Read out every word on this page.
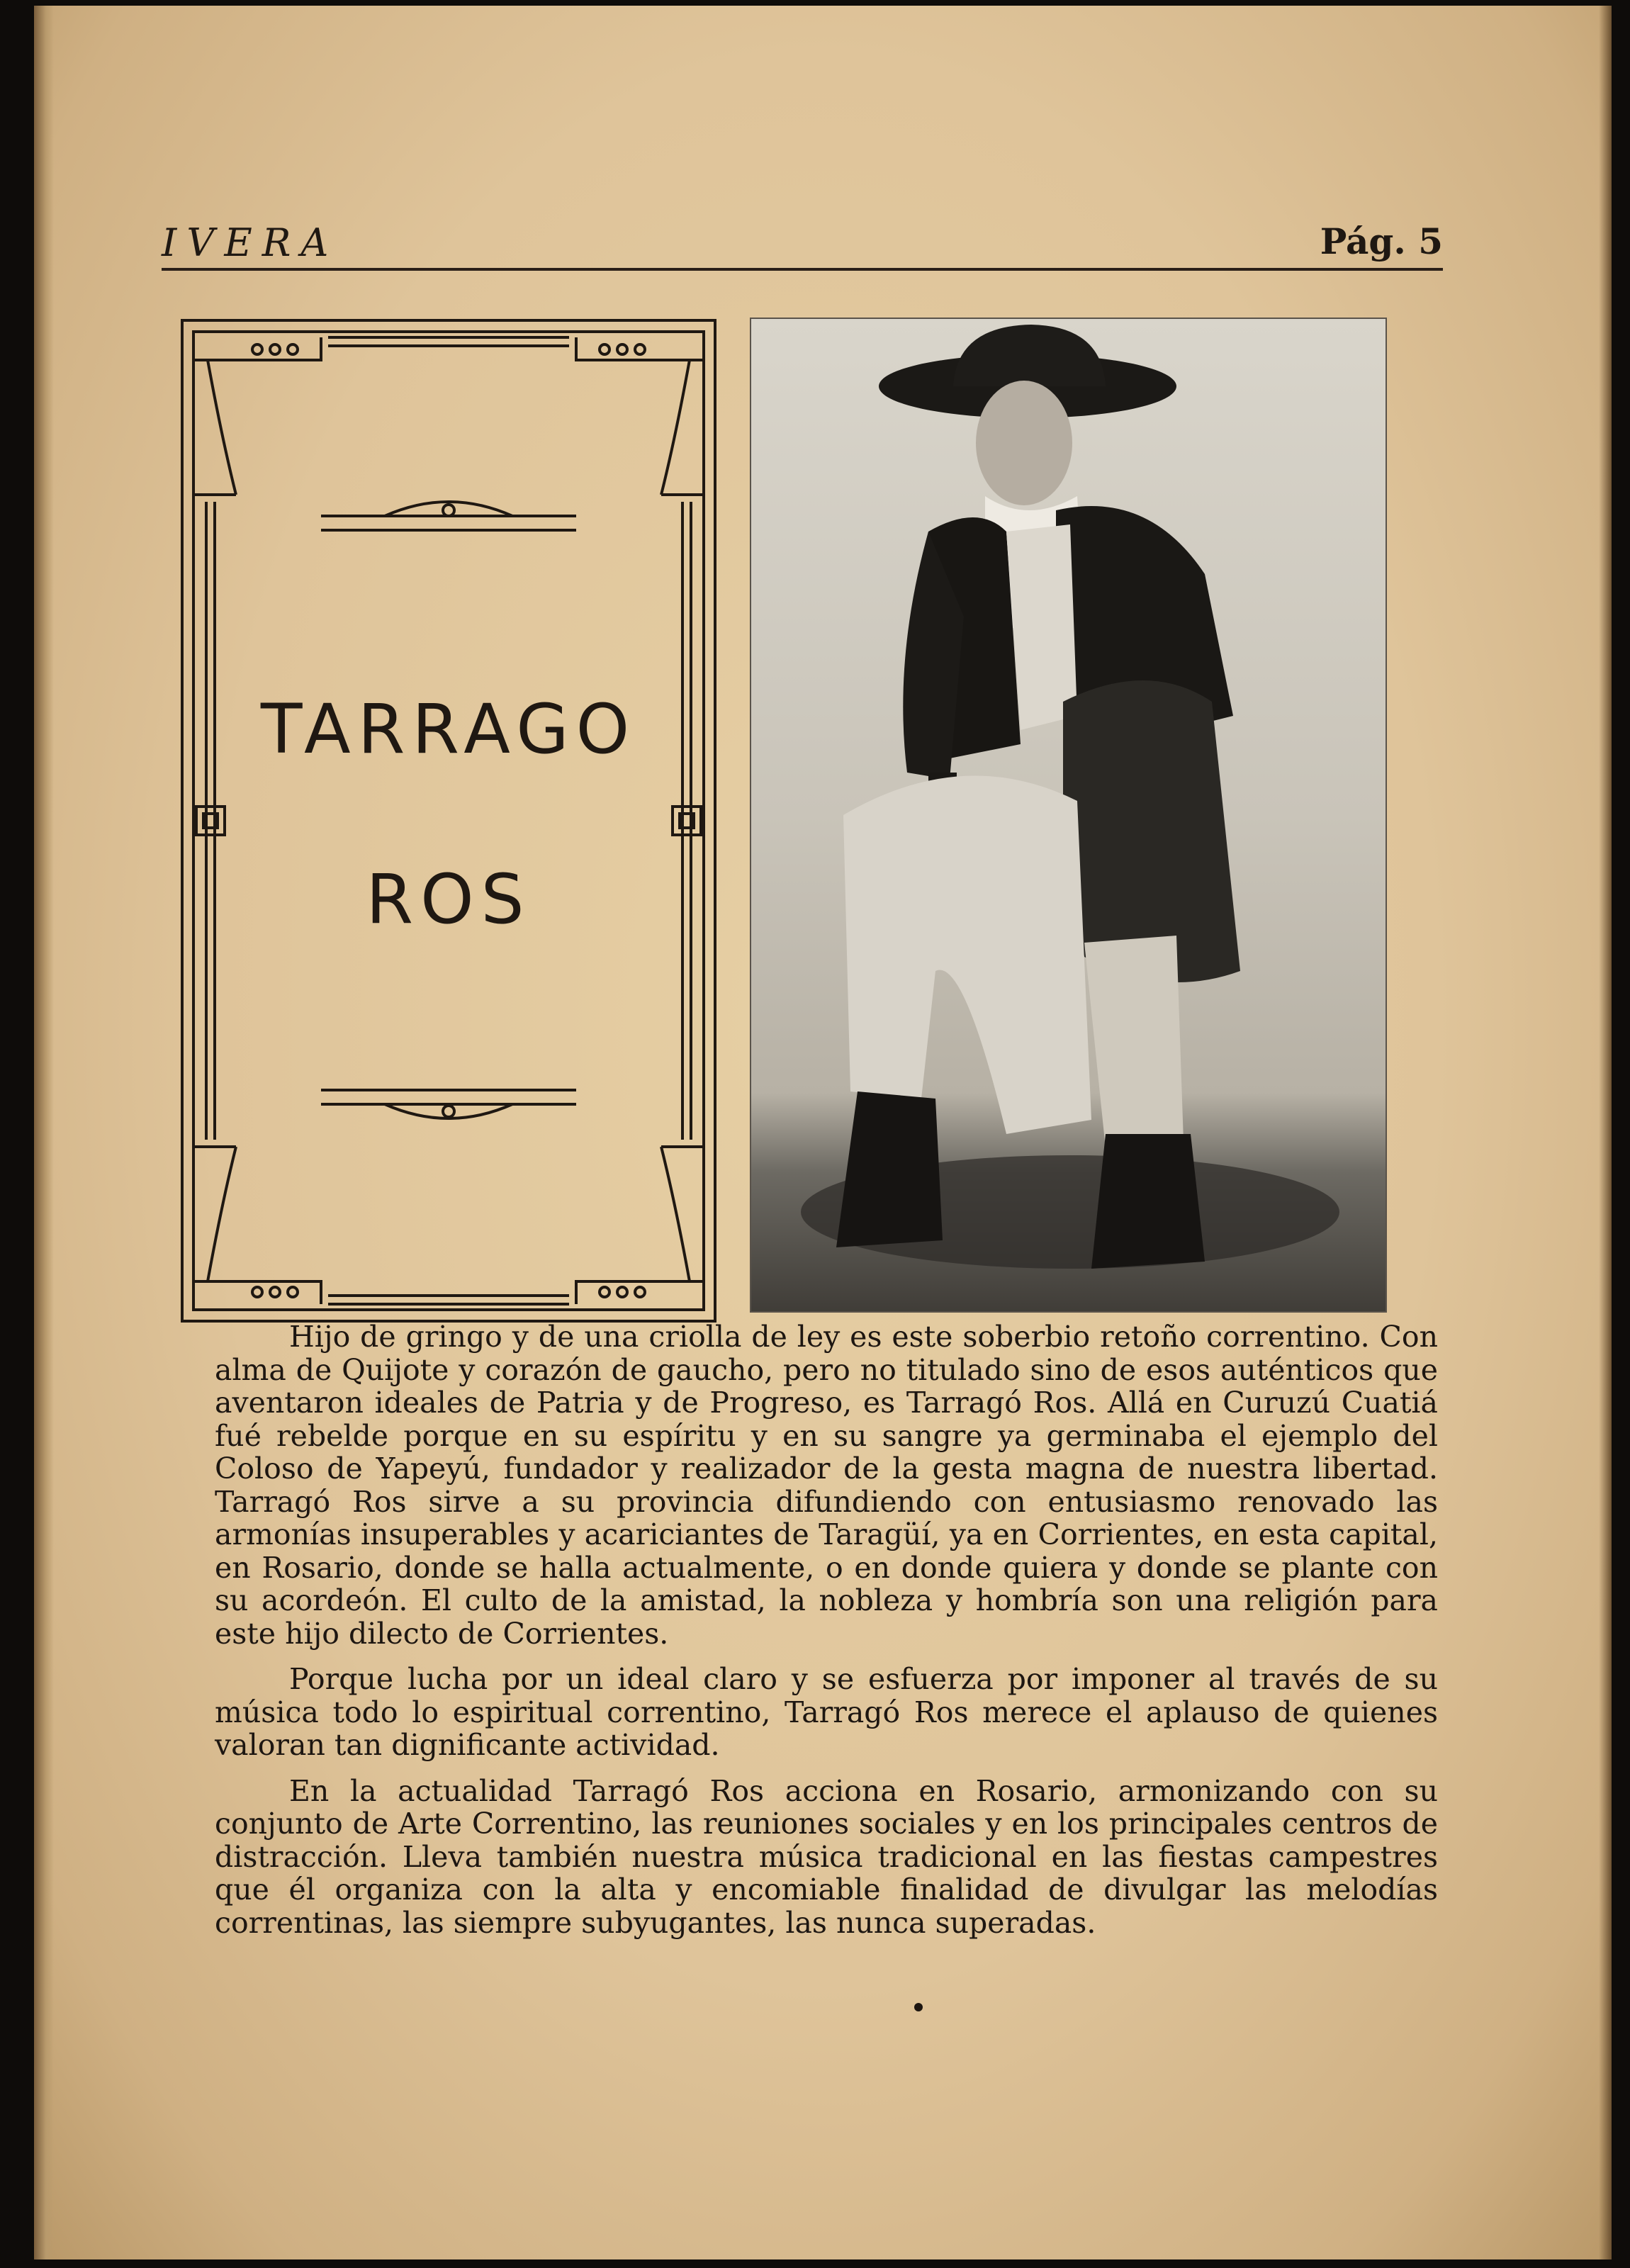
IVERA	Pág. 5
TARRAGO
ROS

Hijo de gringo y de una criolla de ley es este soberbio retoño correntino. Con alma de Quijote y corazón de gaucho, pero no titulado sino de esos auténticos que aventaron ideales de Patria y de Progreso, es Tarragó Ros. Allá en Curuzú Cuatiá fué rebelde porque en su espíritu y en su sangre ya germinaba el ejemplo del Coloso de Yapeyú, fundador y realizador de la gesta magna de nuestra libertad. Tarragó Ros sirve a su provincia difundiendo con entusiasmo renovado las armonías insuperables y acariciantes de Taragüí, ya en Corrientes, en esta capital, en Rosario, donde se halla actualmente, o en donde quiera y donde se plante con su acordeón. El culto de la amistad, la nobleza y hombría son una religión para este hijo dilecto de Corrientes.

Porque lucha por un ideal claro y se esfuerza por imponer al través de su música todo lo espiritual correntino, Tarragó Ros merece el aplauso de quienes valoran tan dignificante actividad.

En la actualidad Tarragó Ros acciona en Rosario, armonizando con su conjunto de Arte Correntino, las reuniones sociales y en los principales centros de distracción. Lleva también nuestra música tradicional en las fiestas campestres que él organiza con la alta y encomiable finalidad de divulgar las melodías correntinas, las siempre subyugantes, las nunca superadas.
